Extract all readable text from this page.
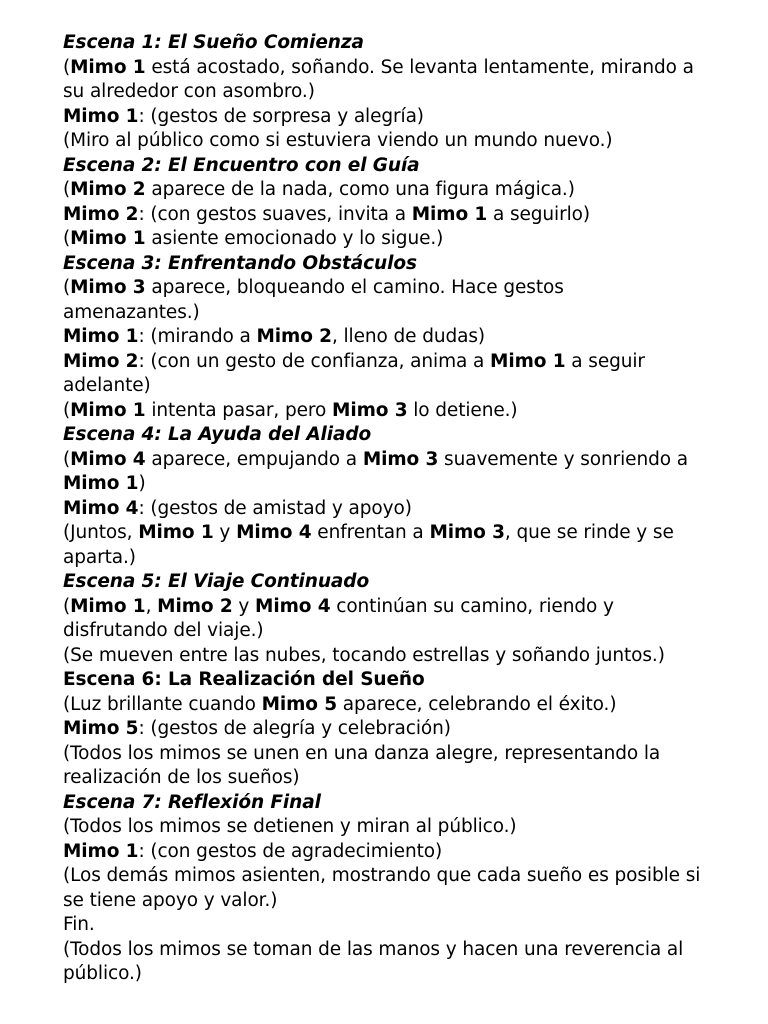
Escena 1: El Sueño Comienza

(Mimo 1 está acostado, soñando. Se levanta lentamente, mirando a su alrededor con asombro.)

Mimo 1: (gestos de sorpresa y alegría)

(Miro al público como si estuviera viendo un mundo nuevo.)

Escena 2: El Encuentro con el Guía

(Mimo 2 aparece de la nada, como una figura mágica.)

Mimo 2: (con gestos suaves, invita a Mimo 1 a seguirlo)

(Mimo 1 asiente emocionado y lo sigue.)

Escena 3: Enfrentando Obstáculos

(Mimo 3 aparece, bloqueando el camino. Hace gestos amenazantes.)

Mimo 1: (mirando a Mimo 2, lleno de dudas)

Mimo 2: (con un gesto de confianza, anima a Mimo 1 a seguir adelante)

(Mimo 1 intenta pasar, pero Mimo 3 lo detiene.)

Escena 4: La Ayuda del Aliado

(Mimo 4 aparece, empujando a Mimo 3 suavemente y sonriendo a Mimo 1)

Mimo 4: (gestos de amistad y apoyo)

(Juntos, Mimo 1 y Mimo 4 enfrentan a Mimo 3, que se rinde y se aparta.)

Escena 5: El Viaje Continuado

(Mimo 1, Mimo 2 y Mimo 4 continúan su camino, riendo y disfrutando del viaje.)

(Se mueven entre las nubes, tocando estrellas y soñando juntos.)

Escena 6: La Realización del Sueño

(Luz brillante cuando Mimo 5 aparece, celebrando el éxito.)

Mimo 5: (gestos de alegría y celebración)

(Todos los mimos se unen en una danza alegre, representando la realización de los sueños)

Escena 7: Reflexión Final

(Todos los mimos se detienen y miran al público.)

Mimo 1: (con gestos de agradecimiento)

(Los demás mimos asienten, mostrando que cada sueño es posible si se tiene apoyo y valor.)

Fin.

(Todos los mimos se toman de las manos y hacen una reverencia al público.)
